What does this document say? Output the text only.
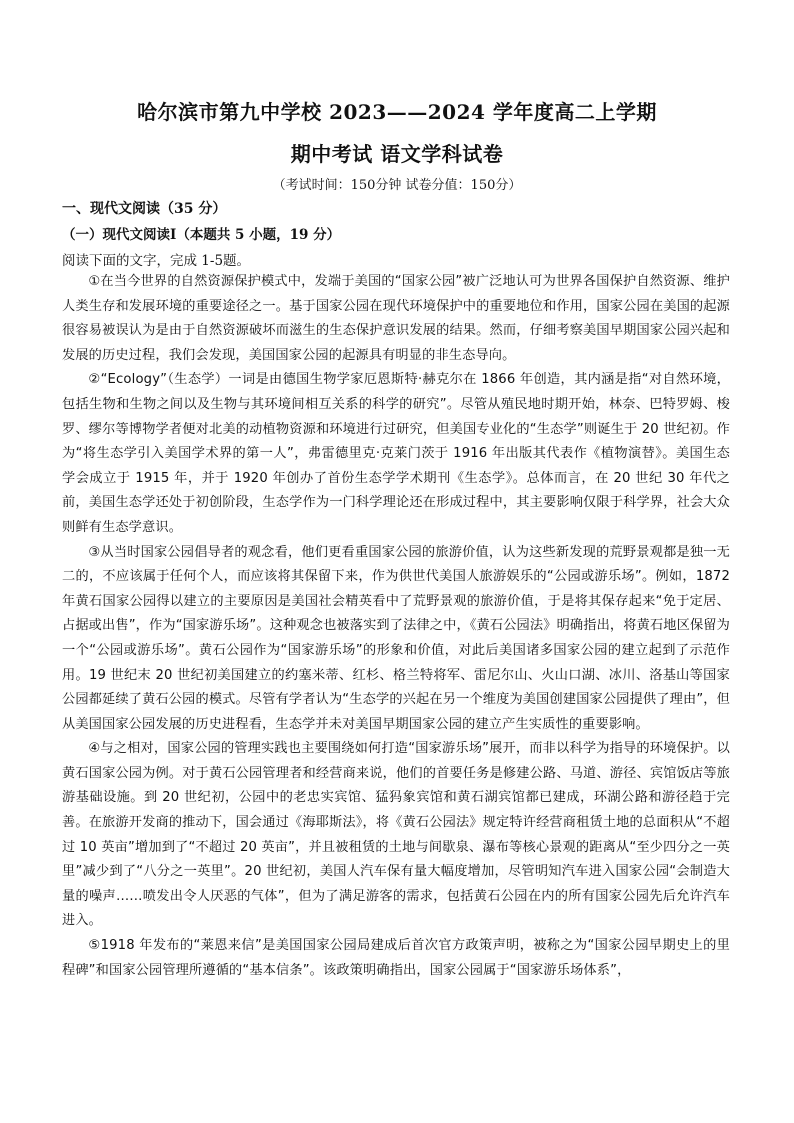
哈尔滨市第九中学校 2023——2024 学年度高二上学期
期中考试 语文学科试卷

（考试时间：150分钟 试卷分值：150分）

一、现代文阅读（35 分）

（一）现代文阅读Ⅰ（本题共 5 小题，19 分）

阅读下面的文字，完成 1-5题。

①在当今世界的自然资源保护模式中，发端于美国的“国家公园”被广泛地认可为世界各国保护自然资源、维护人类生存和发展环境的重要途径之一。基于国家公园在现代环境保护中的重要地位和作用，国家公园在美国的起源很容易被误认为是由于自然资源破坏而滋生的生态保护意识发展的结果。然而，仔细考察美国早期国家公园兴起和发展的历史过程，我们会发现，美国国家公园的起源具有明显的非生态导向。

②“Ecology”（生态学）一词是由德国生物学家厄恩斯特·赫克尔在 1866 年创造，其内涵是指“对自然环境，包括生物和生物之间以及生物与其环境间相互关系的科学的研究”。尽管从殖民地时期开始，林奈、巴特罗姆、梭罗、缪尔等博物学者便对北美的动植物资源和环境进行过研究，但美国专业化的“生态学”则诞生于 20 世纪初。作为“将生态学引入美国学术界的第一人”，弗雷德里克·克莱门茨于 1916 年出版其代表作《植物演替》。美国生态学会成立于 1915 年，并于 1920 年创办了首份生态学学术期刊《生态学》。总体而言，在 20 世纪 30 年代之前，美国生态学还处于初创阶段，生态学作为一门科学理论还在形成过程中，其主要影响仅限于科学界，社会大众则鲜有生态学意识。

③从当时国家公园倡导者的观念看，他们更看重国家公园的旅游价值，认为这些新发现的荒野景观都是独一无二的，不应该属于任何个人，而应该将其保留下来，作为供世代美国人旅游娱乐的“公园或游乐场”。例如，1872 年黄石国家公园得以建立的主要原因是美国社会精英看中了荒野景观的旅游价值，于是将其保存起来“免于定居、占据或出售”，作为“国家游乐场”。这种观念也被落实到了法律之中，《黄石公园法》明确指出，将黄石地区保留为一个“公园或游乐场”。黄石公园作为“国家游乐场”的形象和价值，对此后美国诸多国家公园的建立起到了示范作用。19 世纪末 20 世纪初美国建立的约塞米蒂、红杉、格兰特将军、雷尼尔山、火山口湖、冰川、洛基山等国家公园都延续了黄石公园的模式。尽管有学者认为“生态学的兴起在另一个维度为美国创建国家公园提供了理由”，但从美国国家公园发展的历史进程看，生态学并未对美国早期国家公园的建立产生实质性的重要影响。

④与之相对，国家公园的管理实践也主要围绕如何打造“国家游乐场”展开，而非以科学为指导的环境保护。以黄石国家公园为例。对于黄石公园管理者和经营商来说，他们的首要任务是修建公路、马道、游径、宾馆饭店等旅游基础设施。到 20 世纪初，公园中的老忠实宾馆、猛犸象宾馆和黄石湖宾馆都已建成，环湖公路和游径趋于完善。在旅游开发商的推动下，国会通过《海耶斯法》，将《黄石公园法》规定特许经营商租赁土地的总面积从“不超过 10 英亩”增加到了“不超过 20 英亩”，并且被租赁的土地与间歇泉、瀑布等核心景观的距离从“至少四分之一英里”减少到了“八分之一英里”。20 世纪初，美国人汽车保有量大幅度增加，尽管明知汽车进入国家公园“会制造大量的噪声……喷发出令人厌恶的气体”，但为了满足游客的需求，包括黄石公园在内的所有国家公园先后允许汽车进入。

⑤1918 年发布的“莱恩来信”是美国国家公园局建成后首次官方政策声明，被称之为“国家公园早期史上的里程碑”和国家公园管理所遵循的“基本信条”。该政策明确指出，国家公园属于“国家游乐场体系”，
